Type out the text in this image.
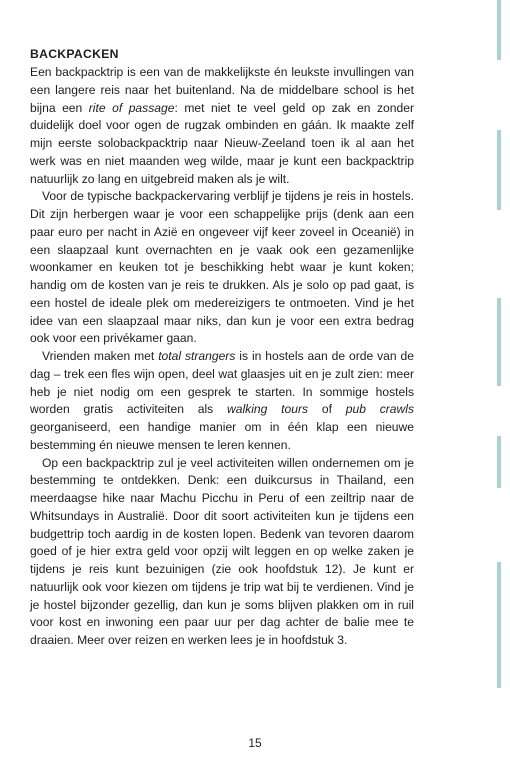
BACKPACKEN

Een backpacktrip is een van de makkelijkste én leukste invullingen van een langere reis naar het buitenland. Na de middelbare school is het bijna een rite of passage: met niet te veel geld op zak en zonder duidelijk doel voor ogen de rugzak ombinden en gáán. Ik maakte zelf mijn eerste solobackpacktrip naar Nieuw-Zeeland toen ik al aan het werk was en niet maanden weg wilde, maar je kunt een backpacktrip natuurlijk zo lang en uitgebreid maken als je wilt.

Voor de typische backpackervaring verblijf je tijdens je reis in hostels. Dit zijn herbergen waar je voor een schappelijke prijs (denk aan een paar euro per nacht in Azië en ongeveer vijf keer zoveel in Oceanië) in een slaapzaal kunt overnachten en je vaak ook een gezamenlijke woonkamer en keuken tot je beschikking hebt waar je kunt koken; handig om de kosten van je reis te drukken. Als je solo op pad gaat, is een hostel de ideale plek om medereizigers te ontmoeten. Vind je het idee van een slaapzaal maar niks, dan kun je voor een extra bedrag ook voor een privékamer gaan.

Vrienden maken met total strangers is in hostels aan de orde van de dag – trek een fles wijn open, deel wat glaasjes uit en je zult zien: meer heb je niet nodig om een gesprek te starten. In sommige hostels worden gratis activiteiten als walking tours of pub crawls georganiseerd, een handige manier om in één klap een nieuwe bestemming én nieuwe mensen te leren kennen.

Op een backpacktrip zul je veel activiteiten willen ondernemen om je bestemming te ontdekken. Denk: een duikcursus in Thailand, een meerdaagse hike naar Machu Picchu in Peru of een zeiltrip naar de Whitsundays in Australië. Door dit soort activiteiten kun je tijdens een budgettrip toch aardig in de kosten lopen. Bedenk van tevoren daarom goed of je hier extra geld voor opzij wilt leggen en op welke zaken je tijdens je reis kunt bezuinigen (zie ook hoofdstuk 12). Je kunt er natuurlijk ook voor kiezen om tijdens je trip wat bij te verdienen. Vind je je hostel bijzonder gezellig, dan kun je soms blijven plakken om in ruil voor kost en inwoning een paar uur per dag achter de balie mee te draaien. Meer over reizen en werken lees je in hoofdstuk 3.

15
